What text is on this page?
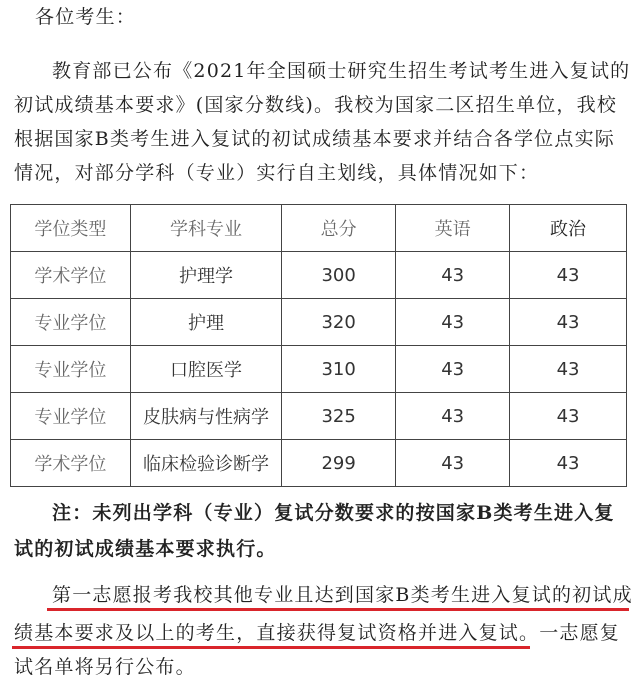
各位考生：
教育部已公布《2021年全国硕士研究生招生考试考生进入复试的
初试成绩基本要求》(国家分数线)。我校为国家二区招生单位，我校
根据国家B类考生进入复试的初试成绩基本要求并结合各学位点实际
情况，对部分学科（专业）实行自主划线，具体情况如下：
学位类型	学科专业	总分	英语	政治
学术学位	护理学	300	43	43
专业学位	护理	320	43	43
专业学位	口腔医学	310	43	43
专业学位	皮肤病与性病学	325	43	43
学术学位	临床检验诊断学	299	43	43
注：未列出学科（专业）复试分数要求的按国家B类考生进入复
试的初试成绩基本要求执行。
第一志愿报考我校其他专业且达到国家B类考生进入复试的初试成
绩基本要求及以上的考生，直接获得复试资格并进入复试。一志愿复
试名单将另行公布。
